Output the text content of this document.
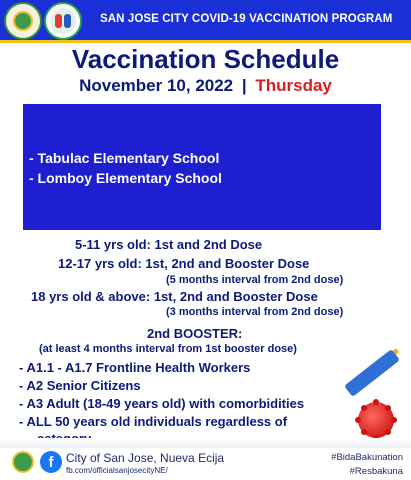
SAN JOSE CITY COVID-19 VACCINATION PROGRAM
Vaccination Schedule
November 10, 2022 | Thursday
- Tabulac Elementary School
- Lomboy Elementary School
5-11 yrs old: 1st and 2nd Dose
12-17 yrs old: 1st, 2nd and Booster Dose
(5 months interval from 2nd dose)
18 yrs old & above: 1st, 2nd and Booster Dose
(3 months interval from 2nd dose)
2nd BOOSTER:
(at least 4 months interval from 1st booster dose)
- A1.1 - A1.7 Frontline Health Workers
- A2 Senior Citizens
- A3 Adult (18-49 years old) with comorbidities
- ALL 50 years old individuals regardless of
f	City of San Jose, Nueva Ecija
fb.com/officialsanjosecityNE/
#BidaBakunation
#Resbakuna
